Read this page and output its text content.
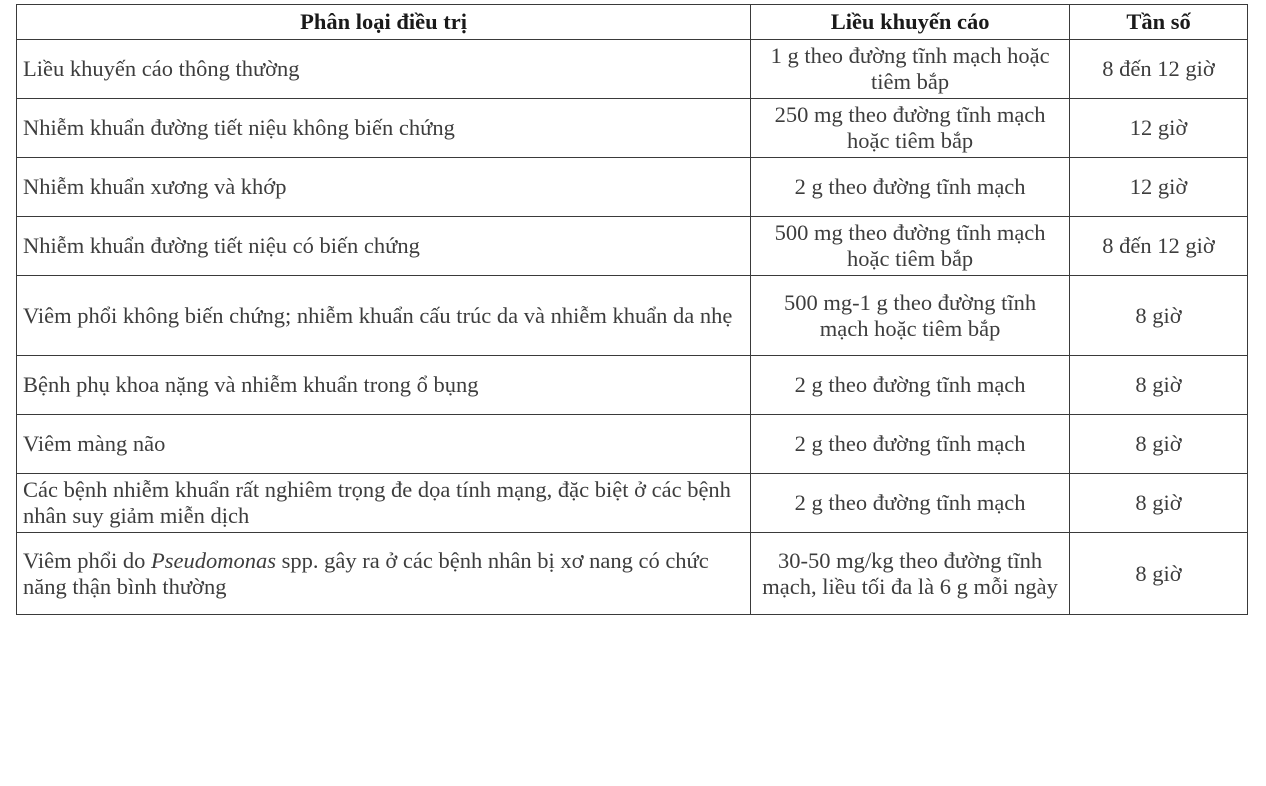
Phân loại điều trị	Liều khuyến cáo	Tần số
Liều khuyến cáo thông thường	1 g theo đường tĩnh mạch hoặc tiêm bắp	8 đến 12 giờ
Nhiễm khuẩn đường tiết niệu không biến chứng	250 mg theo đường tĩnh mạch hoặc tiêm bắp	12 giờ
Nhiễm khuẩn xương và khớp	2 g theo đường tĩnh mạch	12 giờ
Nhiễm khuẩn đường tiết niệu có biến chứng	500 mg theo đường tĩnh mạch hoặc tiêm bắp	8 đến 12 giờ
Viêm phổi không biến chứng; nhiễm khuẩn cấu trúc da và nhiễm khuẩn da nhẹ	500 mg-1 g theo đường tĩnh mạch hoặc tiêm bắp	8 giờ
Bệnh phụ khoa nặng và nhiễm khuẩn trong ổ bụng	2 g theo đường tĩnh mạch	8 giờ
Viêm màng não	2 g theo đường tĩnh mạch	8 giờ
Các bệnh nhiễm khuẩn rất nghiêm trọng đe dọa tính mạng, đặc biệt ở các bệnh nhân suy giảm miễn dịch	2 g theo đường tĩnh mạch	8 giờ
Viêm phổi do Pseudomonas spp. gây ra ở các bệnh nhân bị xơ nang có chức năng thận bình thường	30-50 mg/kg theo đường tĩnh mạch, liều tối đa là 6 g mỗi ngày	8 giờ
